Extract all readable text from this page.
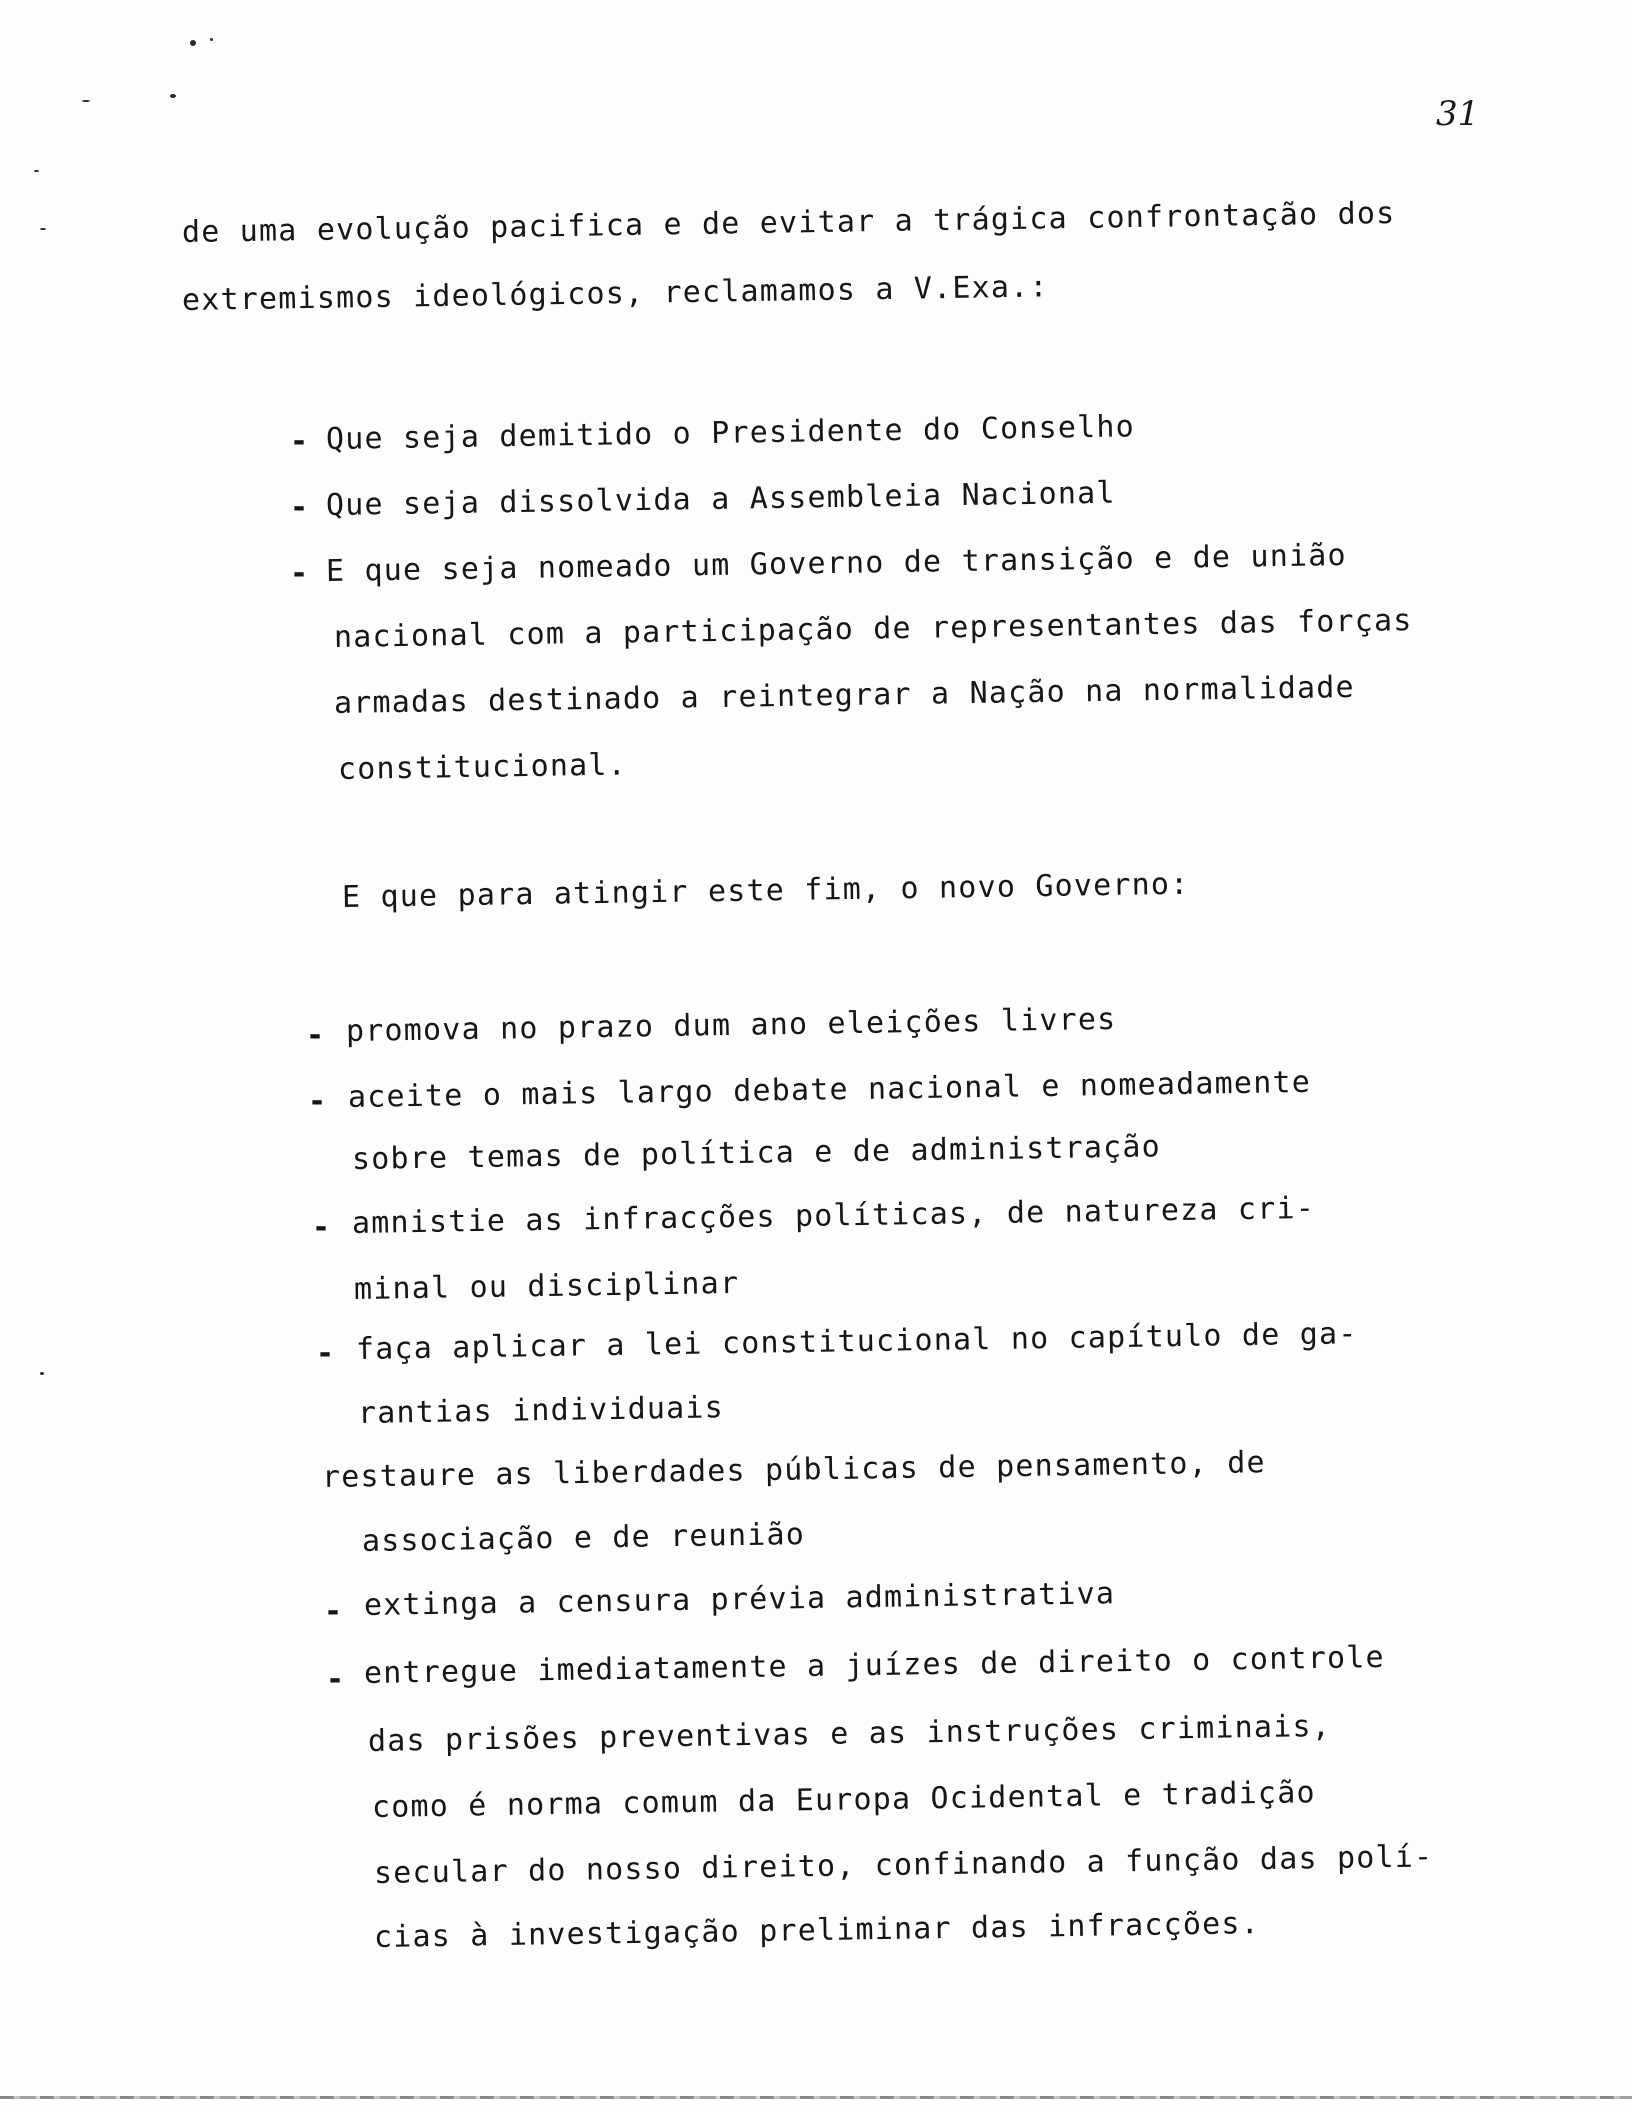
31
de uma evolução pacifica e de evitar a trágica confrontação dos
extremismos ideológicos, reclamamos a V.Exa.:
- Que seja demitido o Presidente do Conselho
- Que seja dissolvida a Assembleia Nacional
- E que seja nomeado um Governo de transição e de união
nacional com a participação de representantes das forças
armadas destinado a reintegrar a Nação na normalidade
constitucional.
E que para atingir este fim, o novo Governo:
- promova no prazo dum ano eleições livres
- aceite o mais largo debate nacional e nomeadamente
sobre temas de política e de administração
- amnistie as infracções políticas, de natureza cri-
minal ou disciplinar
- faça aplicar a lei constitucional no capítulo de ga-
rantias individuais
restaure as liberdades públicas de pensamento, de
associação e de reunião
- extinga a censura prévia administrativa
- entregue imediatamente a juízes de direito o controle
das prisões preventivas e as instruções criminais,
como é norma comum da Europa Ocidental e tradição
secular do nosso direito, confinando a função das polí-
cias à investigação preliminar das infracções.
